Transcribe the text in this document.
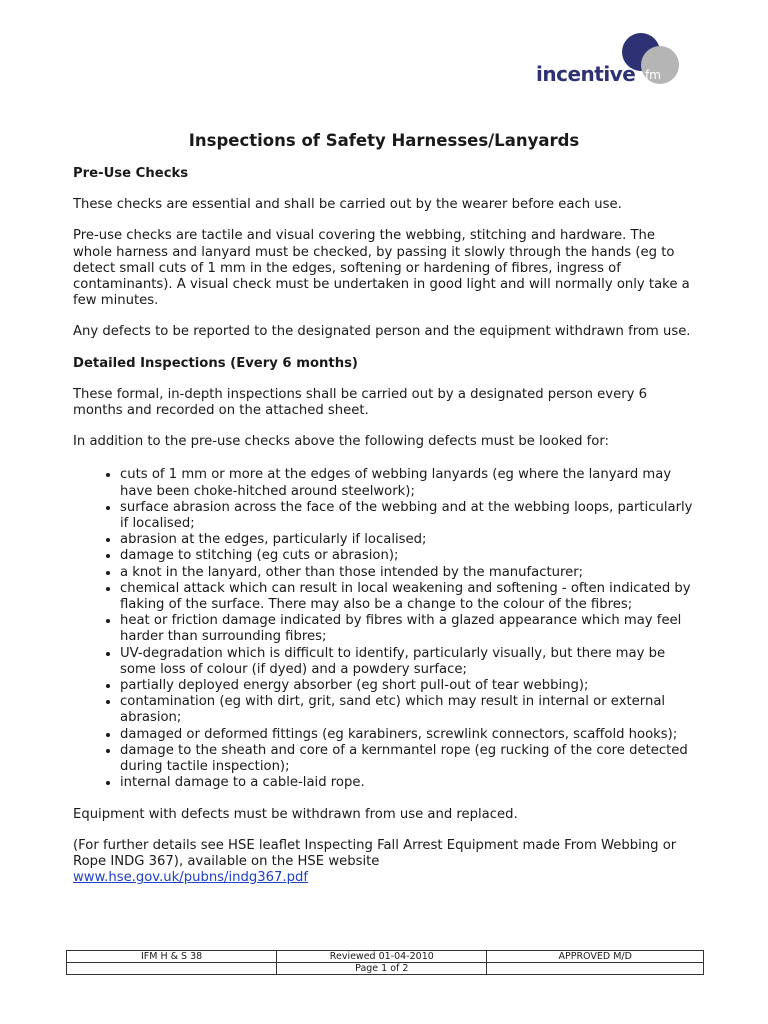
incentive fm
Inspections of Safety Harnesses/Lanyards
Pre-Use Checks

These checks are essential and shall be carried out by the wearer before each use.

Pre-use checks are tactile and visual covering the webbing, stitching and hardware. The whole harness and lanyard must be checked, by passing it slowly through the hands (eg to detect small cuts of 1 mm in the edges, softening or hardening of fibres, ingress of contaminants). A visual check must be undertaken in good light and will normally only take a few minutes.

Any defects to be reported to the designated person and the equipment withdrawn from use.

Detailed Inspections (Every 6 months)

These formal, in-depth inspections shall be carried out by a designated person every 6 months and recorded on the attached sheet.

In addition to the pre-use checks above the following defects must be looked for:

• cuts of 1 mm or more at the edges of webbing lanyards (eg where the lanyard may have been choke-hitched around steelwork);
• surface abrasion across the face of the webbing and at the webbing loops, particularly if localised;
• abrasion at the edges, particularly if localised;
• damage to stitching (eg cuts or abrasion);
• a knot in the lanyard, other than those intended by the manufacturer;
• chemical attack which can result in local weakening and softening - often indicated by flaking of the surface. There may also be a change to the colour of the fibres;
• heat or friction damage indicated by fibres with a glazed appearance which may feel harder than surrounding fibres;
• UV-degradation which is difficult to identify, particularly visually, but there may be some loss of colour (if dyed) and a powdery surface;
• partially deployed energy absorber (eg short pull-out of tear webbing);
• contamination (eg with dirt, grit, sand etc) which may result in internal or external abrasion;
• damaged or deformed fittings (eg karabiners, screwlink connectors, scaffold hooks);
• damage to the sheath and core of a kernmantel rope (eg rucking of the core detected during tactile inspection);
• internal damage to a cable-laid rope.

Equipment with defects must be withdrawn from use and replaced.

(For further details see HSE leaflet Inspecting Fall Arrest Equipment made From Webbing or Rope INDG 367), available on the HSE website
www.hse.gov.uk/pubns/indg367.pdf

IFM H & S 38	Reviewed 01-04-2010	APPROVED M/D
	Page 1 of 2	
